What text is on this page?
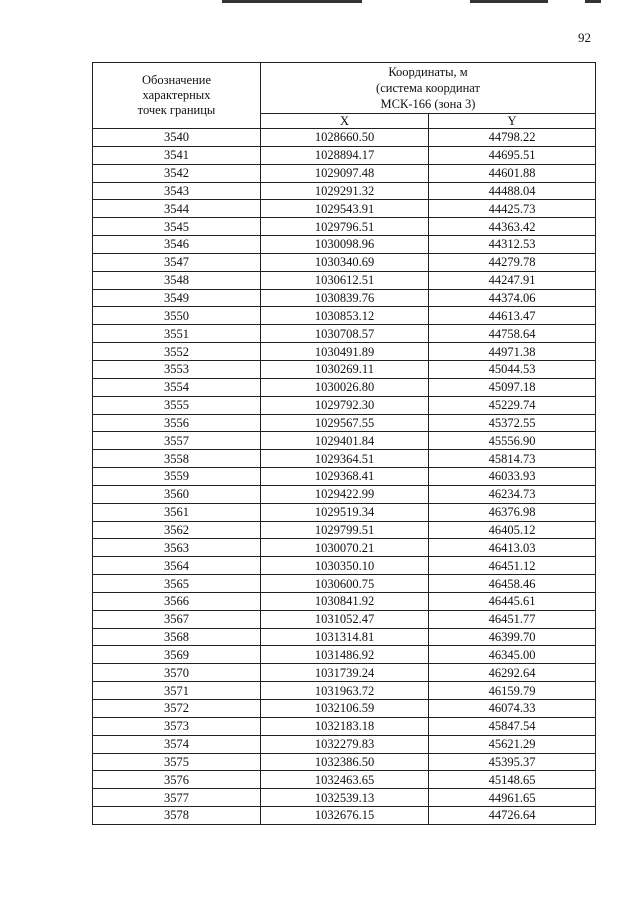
92
Обозначение
характерных
точек границы	Координаты, м
(система координат
МСК-166 (зона 3)	

	X	Y
3540	1028660.50	44798.22
3541	1028894.17	44695.51
3542	1029097.48	44601.88
3543	1029291.32	44488.04
3544	1029543.91	44425.73
3545	1029796.51	44363.42
3546	1030098.96	44312.53
3547	1030340.69	44279.78
3548	1030612.51	44247.91
3549	1030839.76	44374.06
3550	1030853.12	44613.47
3551	1030708.57	44758.64
3552	1030491.89	44971.38
3553	1030269.11	45044.53
3554	1030026.80	45097.18
3555	1029792.30	45229.74
3556	1029567.55	45372.55
3557	1029401.84	45556.90
3558	1029364.51	45814.73
3559	1029368.41	46033.93
3560	1029422.99	46234.73
3561	1029519.34	46376.98
3562	1029799.51	46405.12
3563	1030070.21	46413.03
3564	1030350.10	46451.12
3565	1030600.75	46458.46
3566	1030841.92	46445.61
3567	1031052.47	46451.77
3568	1031314.81	46399.70
3569	1031486.92	46345.00
3570	1031739.24	46292.64
3571	1031963.72	46159.79
3572	1032106.59	46074.33
3573	1032183.18	45847.54
3574	1032279.83	45621.29
3575	1032386.50	45395.37
3576	1032463.65	45148.65
3577	1032539.13	44961.65
3578	1032676.15	44726.64
